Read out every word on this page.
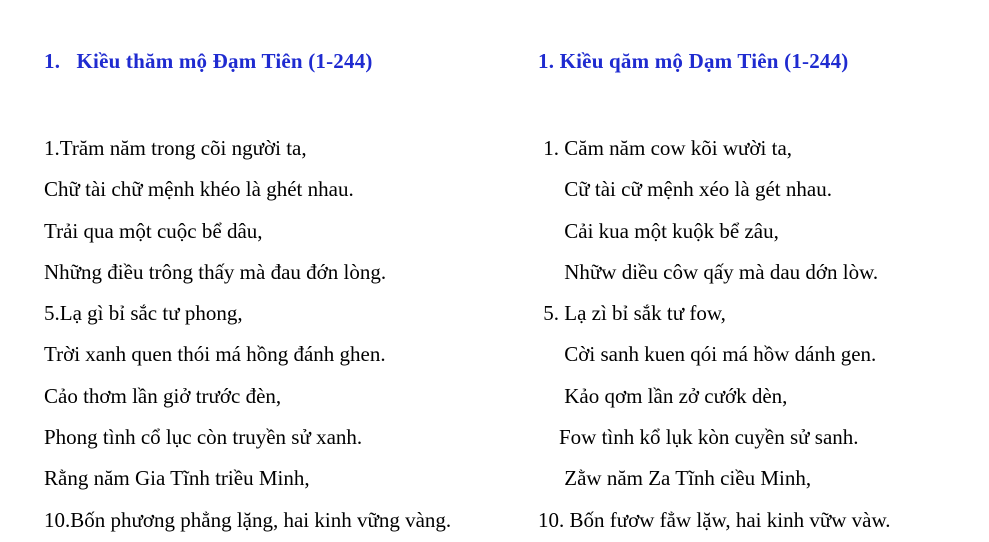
1.   Kiều thăm mộ Đạm Tiên (1-244)
1.Trăm năm trong cõi người ta,
Chữ tài chữ mệnh khéo là ghét nhau.
Trải qua một cuộc bể dâu,
Những điều trông thấy mà đau đớn lòng.
5.Lạ gì bỉ sắc tư phong,
Trời xanh quen thói má hồng đánh ghen.
Cảo thơm lần giở trước đèn,
Phong tình cổ lục còn truyền sử xanh.
Rằng năm Gia Tĩnh triều Minh,
10.Bốn phương phẳng lặng, hai kinh vững vàng.
1. Kiều qăm mộ Dạm Tiên (1-244)
1. Căm năm cow kõi wười ta,
Cữ tài cữ mệnh xéo là gét nhau.
Cải kua một kuộk bể zâu,
Nhữw diều côw qấy mà dau dớn lòw.
5. Lạ zì bỉ sắk tư fow,
Cời sanh kuen qói má hồw dánh gen.
Kảo qơm lần zở cướk dèn,
Fow tình kổ lụk kòn cuyền sử sanh.
Zằw năm Za Tĩnh ciều Minh,
10. Bốn fươw fẳw lặw, hai kinh vữw vàw.
